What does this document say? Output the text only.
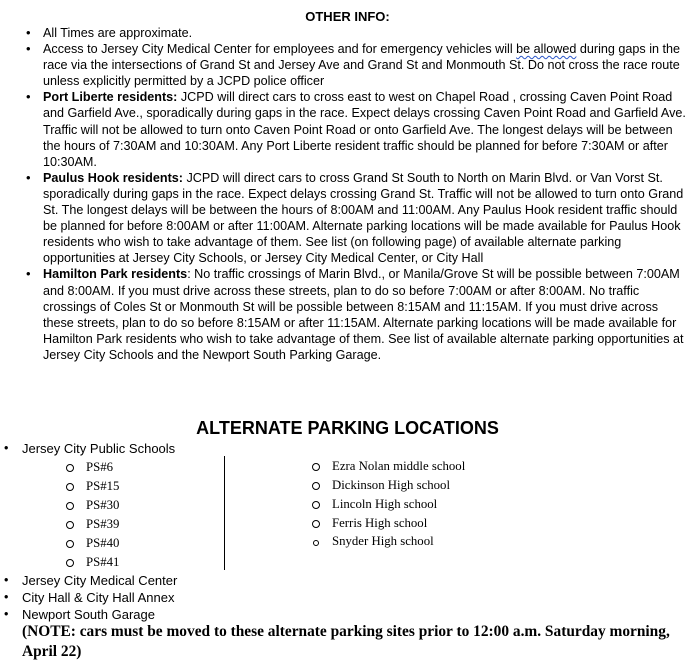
OTHER INFO:
• All Times are approximate.
• Access to Jersey City Medical Center for employees and for emergency vehicles will be allowed during gaps in the race via the intersections of Grand St and Jersey Ave and Grand St and Monmouth St. Do not cross the race route unless explicitly permitted by a JCPD police officer
• Port Liberte residents: JCPD will direct cars to cross east to west on Chapel Road , crossing Caven Point Road and Garfield Ave., sporadically during gaps in the race. Expect delays crossing Caven Point Road and Garfield Ave. Traffic will not be allowed to turn onto Caven Point Road or onto Garfield Ave. The longest delays will be between the hours of 7:30AM and 10:30AM. Any Port Liberte resident traffic should be planned for before 7:30AM or after 10:30AM.
• Paulus Hook residents: JCPD will direct cars to cross Grand St South to North on Marin Blvd. or Van Vorst St. sporadically during gaps in the race. Expect delays crossing Grand St. Traffic will not be allowed to turn onto Grand St. The longest delays will be between the hours of 8:00AM and 11:00AM. Any Paulus Hook resident traffic should be planned for before 8:00AM or after 11:00AM. Alternate parking locations will be made available for Paulus Hook residents who wish to take advantage of them. See list (on following page) of available alternate parking opportunities at Jersey City Schools, or Jersey City Medical Center, or City Hall
• Hamilton Park residents: No traffic crossings of Marin Blvd., or Manila/Grove St will be possible between 7:00AM and 8:00AM. If you must drive across these streets, plan to do so before 7:00AM or after 8:00AM. No traffic crossings of Coles St or Monmouth St will be possible between 8:15AM and 11:15AM. If you must drive across these streets, plan to do so before 8:15AM or after 11:15AM. Alternate parking locations will be made available for Hamilton Park residents who wish to take advantage of them. See list of available alternate parking opportunities at Jersey City Schools and the Newport South Parking Garage.
ALTERNATE PARKING LOCATIONS
• Jersey City Public Schools
PS#6
PS#15
PS#30
PS#39
PS#40
PS#41
Ezra Nolan middle school
Dickinson High school
Lincoln High school
Ferris High school
Snyder High school
• Jersey City Medical Center
• City Hall & City Hall Annex
• Newport South Garage
(NOTE: cars must be moved to these alternate parking sites prior to 12:00 a.m. Saturday morning, April 22)
